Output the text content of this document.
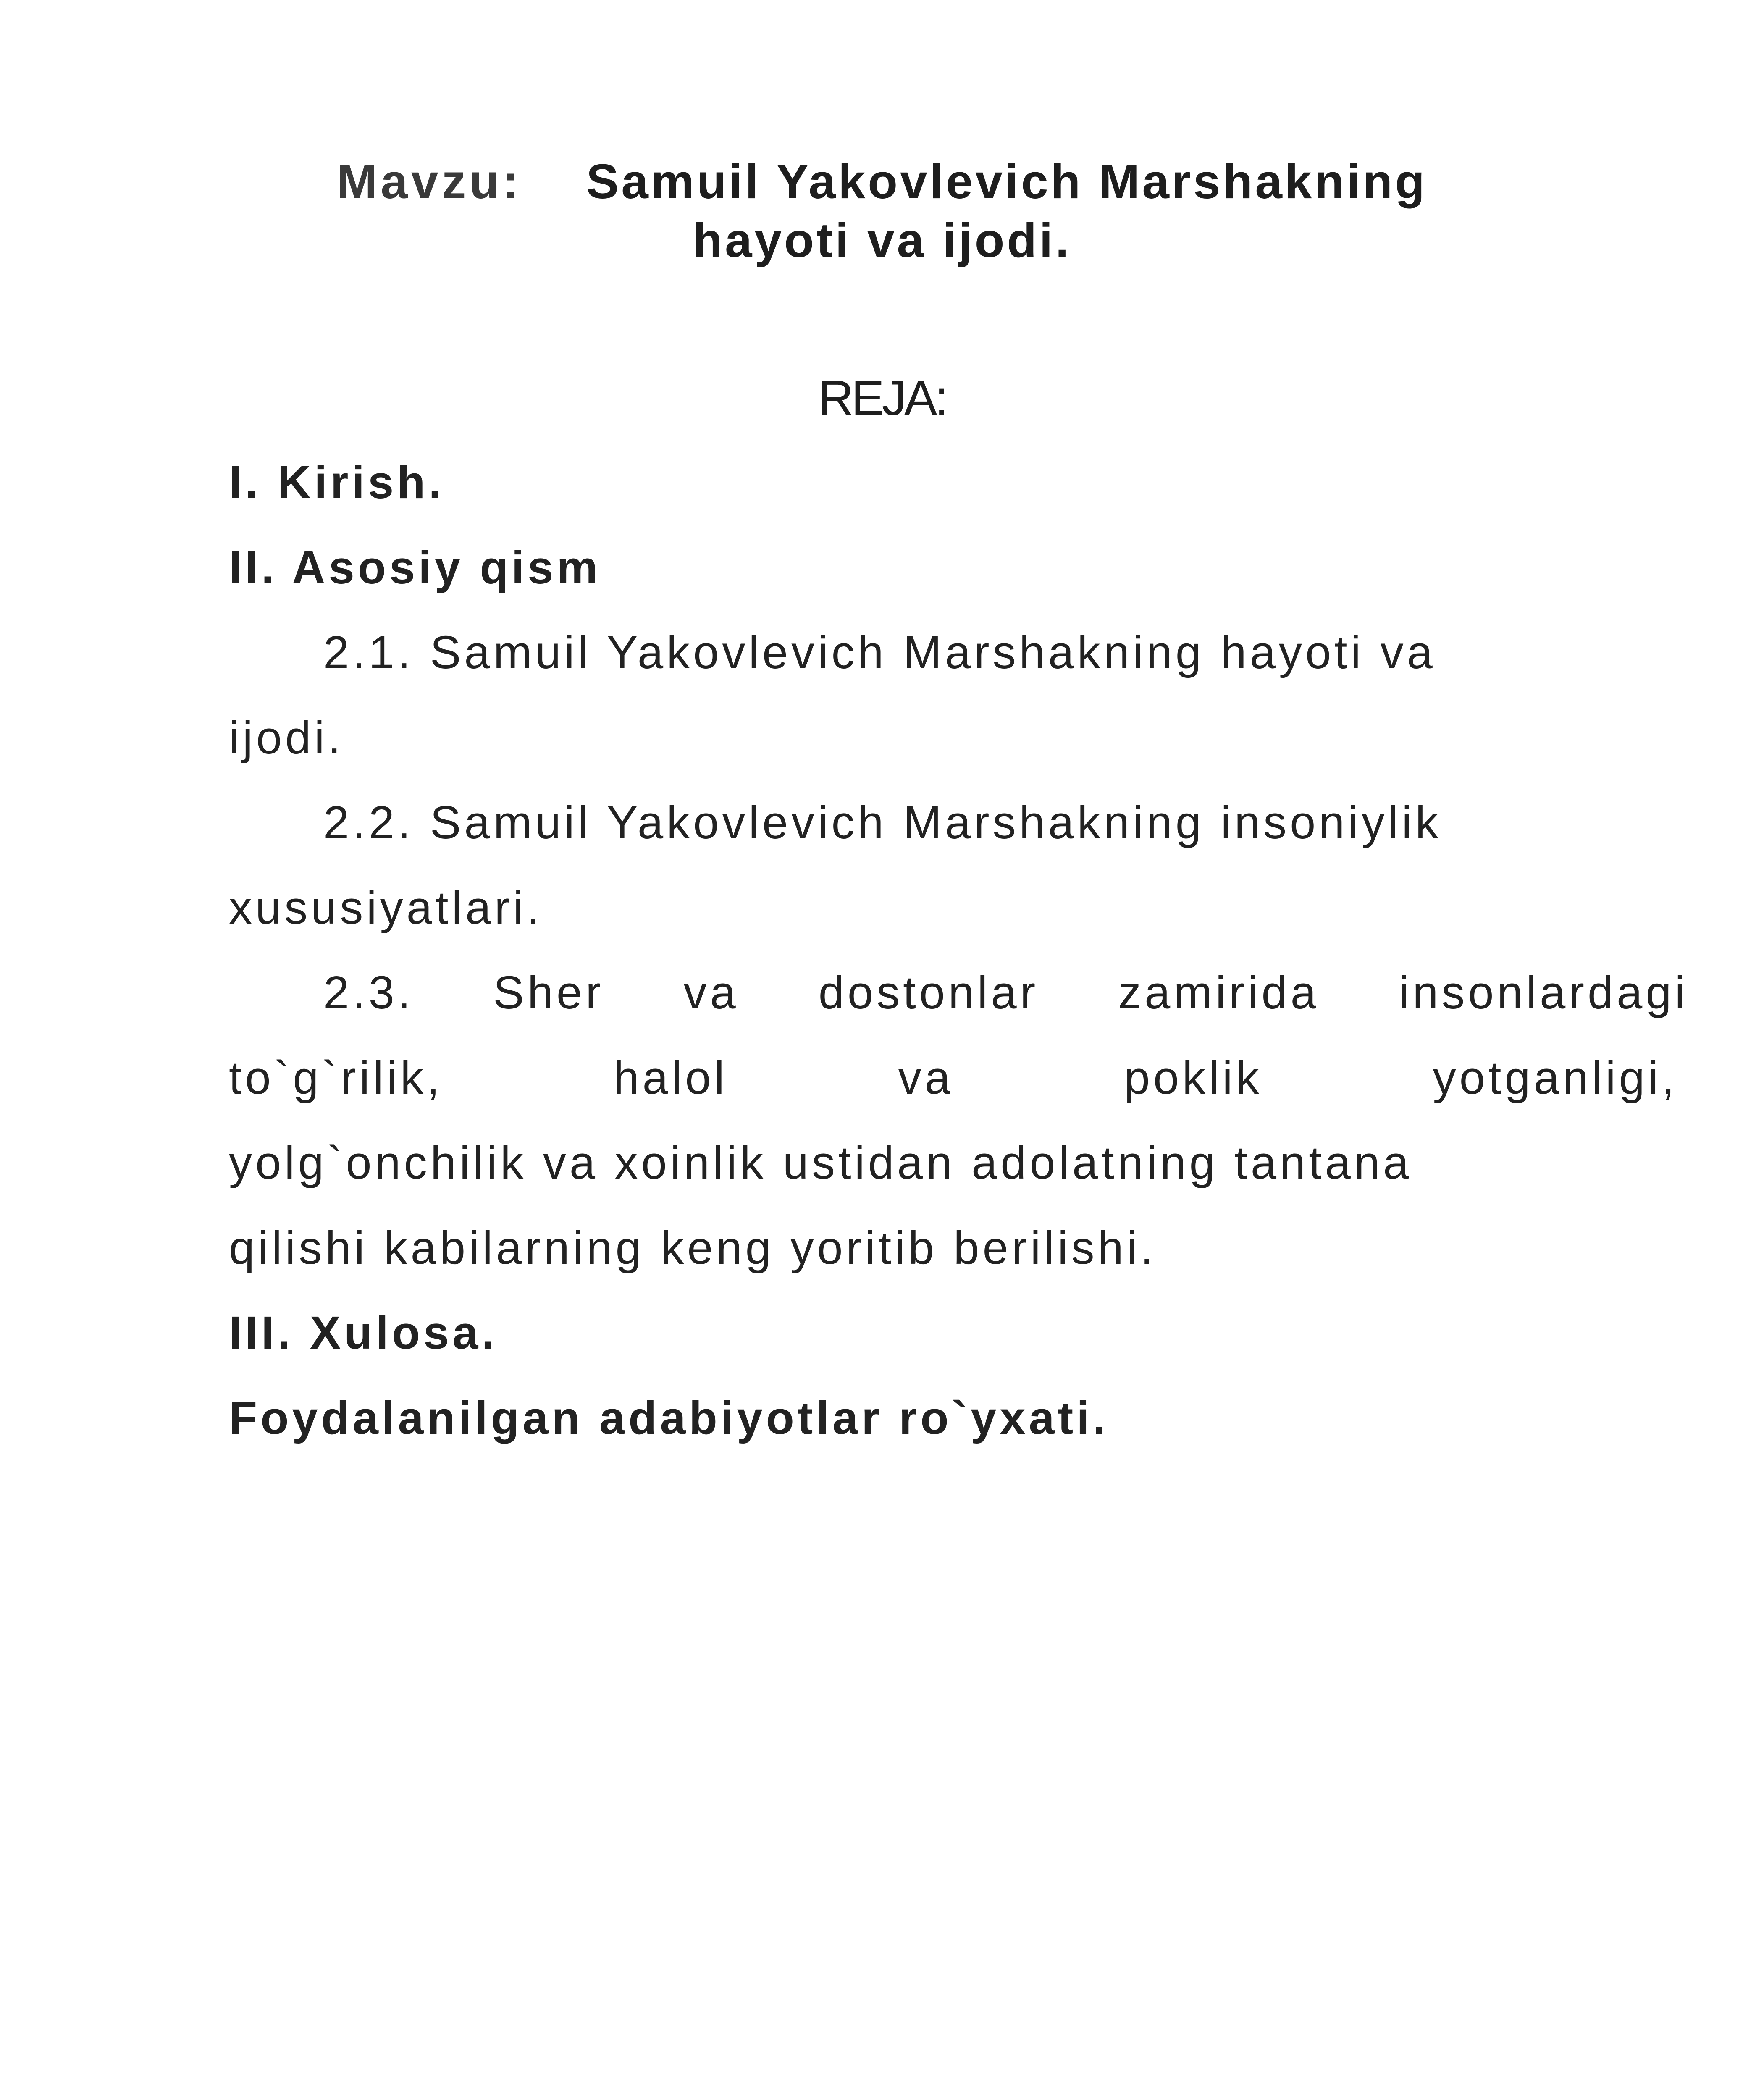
Mavzu: Samuil Yakovlevich Marshakning
hayoti va ijodi.
REJA:
I. Kirish.
II. Asosiy qism
2.1. Samuil Yakovlevich Marshakning hayoti va
ijodi.
2.2. Samuil Yakovlevich Marshakning insoniylik
xususiyatlari.
2.3. Sher va dostonlar zamirida insonlardagi
to`g`rilik,	halol	va	poklik	yotganligi,
yolg`onchilik va xoinlik ustidan adolatning tantana
qilishi kabilarning keng yoritib berilishi.
III. Xulosa.
Foydalanilgan adabiyotlar ro`yxati.
